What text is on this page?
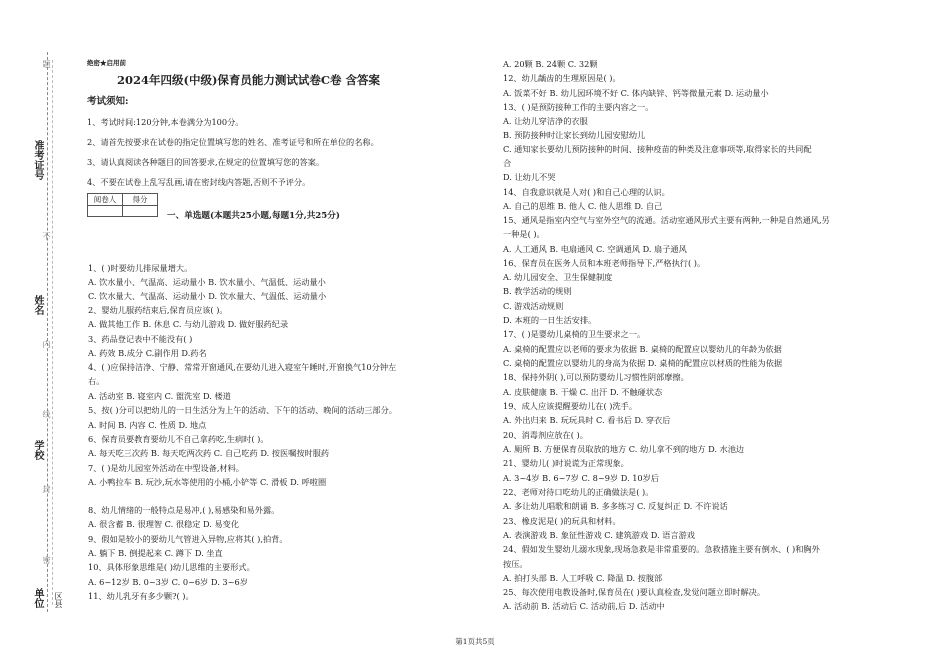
准考证号
姓名
学校
单位 区县
题
不
内
线
封
密
绝密★启用前
2024年四级(中级)保育员能力测试试卷C卷 含答案
考试须知:
1、考试时间:120分钟,本卷满分为100分。
2、请首先按要求在试卷的指定位置填写您的姓名、准考证号和所在单位的名称。
3、请认真阅读各种题目的回答要求,在规定的位置填写您的答案。
4、不要在试卷上乱写乱画,请在密封线内答题,否则不予评分。
阅卷人	得分

一、单选题(本题共25小题,每题1分,共25分)
1、( )时要幼儿排尿量增大。
A. 饮水量小、气温高、运动量小 B. 饮水量小、气温低、运动量小
C. 饮水量大、气温高、运动量小 D. 饮水量大、气温低、运动量小
2、婴幼儿服药结束后,保育员应该( )。
A. 做其他工作 B. 休息 C. 与幼儿游戏 D. 做好服药纪录
3、药品登记表中不能没有( )
A. 药效 B.成分 C.副作用 D.药名
4、( )应保持洁净、宁静、常常开窗通风,在要幼儿进入寝室午睡时,开窗换气10分钟左
右。
A. 活动室 B. 寝室内 C. 盥洗室 D. 楼道
5、按( )分可以把幼儿的一日生活分为上午的活动、下午的活动、晚间的活动三部分。
A. 时间 B. 内容 C. 性质 D. 地点
6、保育员要教育要幼儿不自己拿药吃,生病时( )。
A. 每天吃三次药 B. 每天吃两次药 C. 自己吃药 D. 按医嘱按时服药
7、( )是幼儿园室外活动在中型设备,材料。
A. 小鸭拉车 B. 玩沙,玩水等使用的小桶,小铲等 C. 滑板 D. 呼啦圈
8、幼儿情绪的一般特点是易冲,( ),易感染和易外露。
A. 很含蓄 B. 很理智 C. 很稳定 D. 易变化
9、假如是较小的要幼儿气管进入异物,应将其( ),拍背。
A. 躺下 B. 倒提起来 C. 蹲下 D. 坐直
10、具体形象思维是( )幼儿思维的主要形式。
A. 6~12岁 B. 0~3岁 C. 0~6岁 D. 3~6岁
11、幼儿乳牙有多少颗?( )。
A. 20颗 B. 24颗 C. 32颗
12、幼儿龋齿的生理原因是( )。
A. 饭菜不好 B. 幼儿园环境不好 C. 体内缺锌、钙等微量元素 D. 运动量小
13、( )是预防接种工作的主要内容之一。
A. 让幼儿穿洁净的衣服
B. 预防接种时让家长到幼儿园安慰幼儿
C. 通知家长要幼儿预防接种的时间、接种疫苗的种类及注意事项等,取得家长的共同配
合
D. 让幼儿不哭
14、自我意识就是人对( )和自己心理的认识。
A. 自己的思维 B. 他人 C. 他人思维 D. 自己
15、通风是指室内空气与室外空气的流通。活动室通风形式主要有两种,一种是自然通风,另
一种是( )。
A. 人工通风 B. 电扇通风 C. 空调通风 D. 扇子通风
16、保育员在医务人员和本班老师指导下,严格执行( )。
A. 幼儿园安全、卫生保健制度
B. 教学活动的规则
C. 游戏活动规则
D. 本班的一日生活安排。
17、( )是婴幼儿桌椅的卫生要求之一。
A. 桌椅的配置应以老师的要求为依据 B. 桌椅的配置应以婴幼儿的年龄为依据
C. 桌椅的配置应以婴幼儿的身高为依据 D. 桌椅的配置应以材质的性能为依据
18、保持外阴( ),可以预防婴幼儿习惯性阴部摩擦。
A. 皮肤健康 B. 干燥 C. 出汗 D. 不触碰状态
19、成人应该提醒要幼儿在( )洗手。
A. 外出归来 B. 玩玩具时 C. 看书后 D. 穿衣后
20、消毒剂应放在( )。
A. 厕所 B. 方便保育员取放的地方 C. 幼儿拿不到的地方 D. 水池边
21、婴幼儿( )时说谎为正常现象。
A. 3~4岁 B. 6~7岁 C. 8~9岁 D. 10岁后
22、老师对待口吃幼儿的正确做法是( )。
A. 多让幼儿唱歌和朗诵 B. 多多练习 C. 反复纠正 D. 不许说话
23、橡皮泥是( )的玩具和材料。
A. 表演游戏 B. 象征性游戏 C. 建筑游戏 D. 语言游戏
24、假如发生婴幼儿溺水现象,现场急救是非常重要的。急救措施主要有倒水、( )和胸外
按压。
A. 拍打头部 B. 人工呼吸 C. 降温 D. 按腹部
25、每次使用电教设备时,保育员在( )要认真检查,发觉问题立即时解决。
A. 活动前 B. 活动后 C. 活动前,后 D. 活动中
第1页共5页
